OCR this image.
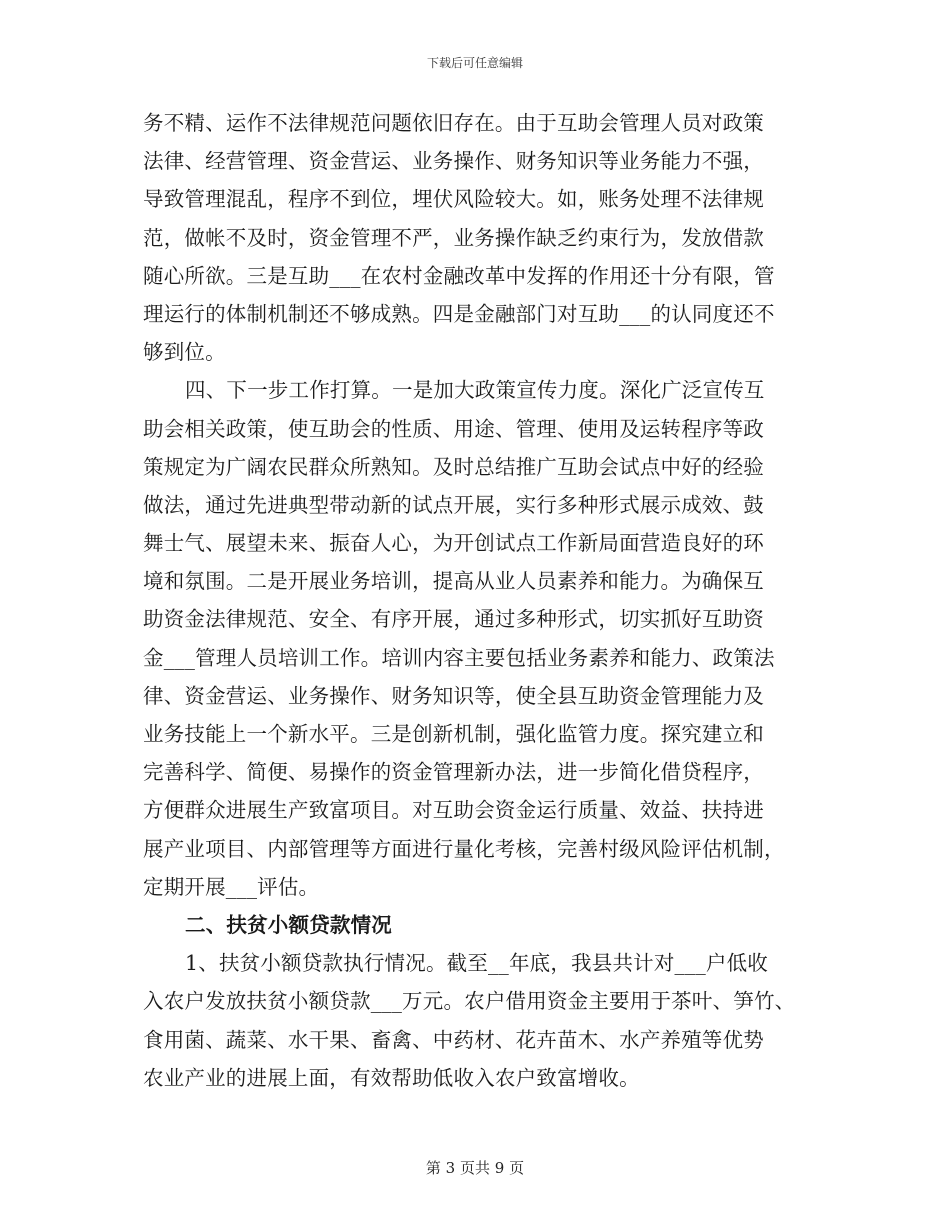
下载后可任意编辑
务不精、运作不法律规范问题依旧存在。由于互助会管理人员对政策
法律、经营管理、资金营运、业务操作、财务知识等业务能力不强，
导致管理混乱，程序不到位，埋伏风险较大。如，账务处理不法律规
范，做帐不及时，资金管理不严，业务操作缺乏约束行为，发放借款
随心所欲。三是互助___在农村金融改革中发挥的作用还十分有限，管
理运行的体制机制还不够成熟。四是金融部门对互助___的认同度还不
够到位。
四、下一步工作打算。一是加大政策宣传力度。深化广泛宣传互
助会相关政策，使互助会的性质、用途、管理、使用及运转程序等政
策规定为广阔农民群众所熟知。及时总结推广互助会试点中好的经验
做法，通过先进典型带动新的试点开展，实行多种形式展示成效、鼓
舞士气、展望未来、振奋人心，为开创试点工作新局面营造良好的环
境和氛围。二是开展业务培训，提高从业人员素养和能力。为确保互
助资金法律规范、安全、有序开展，通过多种形式，切实抓好互助资
金___管理人员培训工作。培训内容主要包括业务素养和能力、政策法
律、资金营运、业务操作、财务知识等，使全县互助资金管理能力及
业务技能上一个新水平。三是创新机制，强化监管力度。探究建立和
完善科学、简便、易操作的资金管理新办法，进一步简化借贷程序，
方便群众进展生产致富项目。对互助会资金运行质量、效益、扶持进
展产业项目、内部管理等方面进行量化考核，完善村级风险评估机制，
定期开展___评估。
二、扶贫小额贷款情况
1、扶贫小额贷款执行情况。截至__年底，我县共计对___户低收
入农户发放扶贫小额贷款___万元。农户借用资金主要用于茶叶、笋竹、
食用菌、蔬菜、水干果、畜禽、中药材、花卉苗木、水产养殖等优势
农业产业的进展上面，有效帮助低收入农户致富增收。
第 3 页共 9 页
